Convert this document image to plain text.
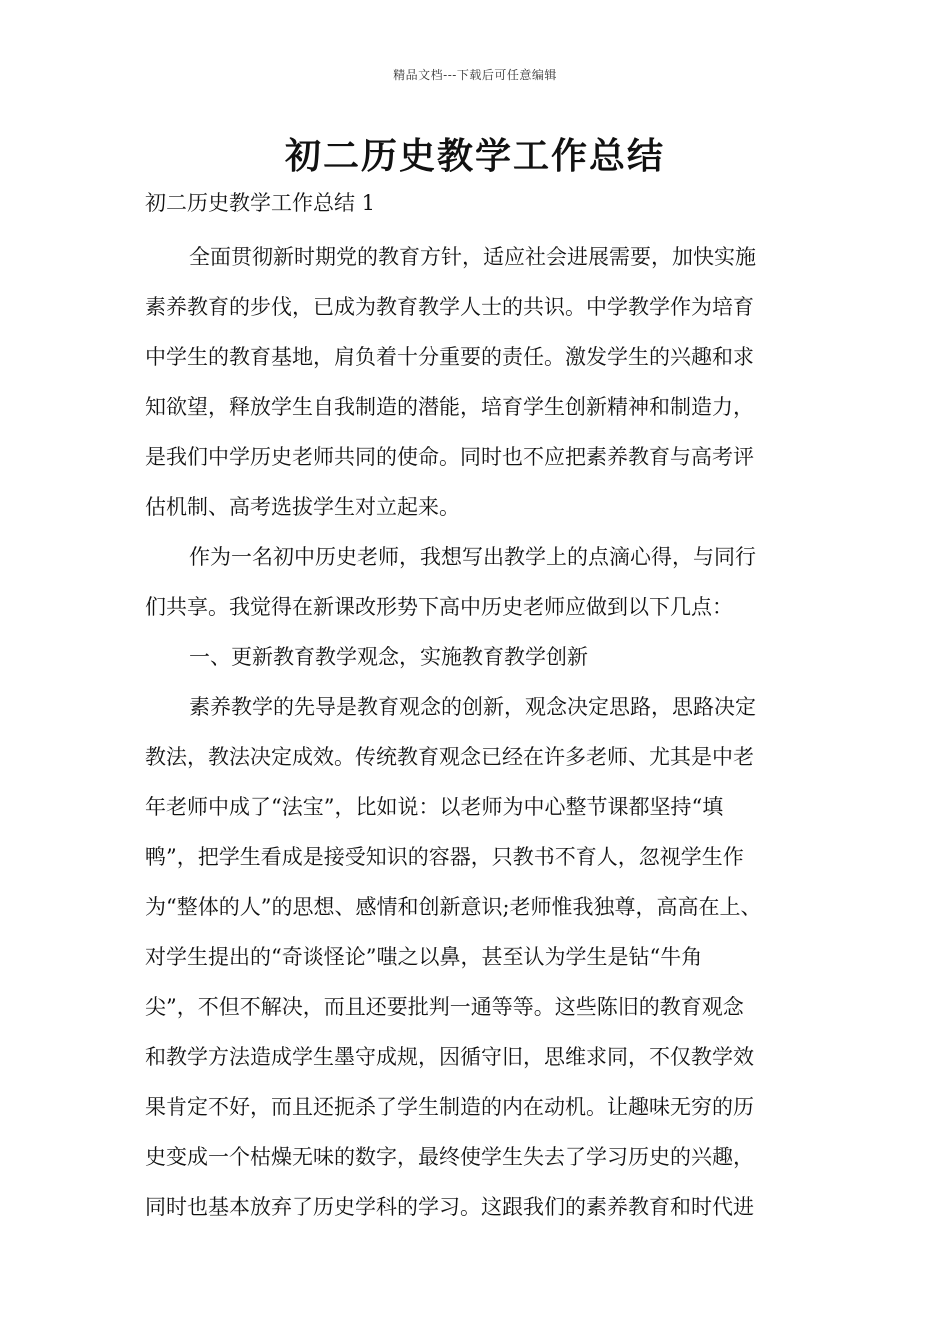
精品文档---下载后可任意编辑
初二历史教学工作总结
初二历史教学工作总结 1

全面贯彻新时期党的教育方针，适应社会进展需要，加快实施
素养教育的步伐，已成为教育教学人士的共识。中学教学作为培育
中学生的教育基地，肩负着十分重要的责任。激发学生的兴趣和求
知欲望，释放学生自我制造的潜能，培育学生创新精神和制造力，
是我们中学历史老师共同的使命。同时也不应把素养教育与高考评
估机制、高考选拔学生对立起来。

作为一名初中历史老师，我想写出教学上的点滴心得，与同行
们共享。我觉得在新课改形势下高中历史老师应做到以下几点：

一、更新教育教学观念，实施教育教学创新

素养教学的先导是教育观念的创新，观念决定思路，思路决定
教法，教法决定成效。传统教育观念已经在许多老师、尤其是中老
年老师中成了“法宝”，比如说：以老师为中心整节课都坚持“填
鸭”，把学生看成是接受知识的容器，只教书不育人，忽视学生作
为“整体的人”的思想、感情和创新意识;老师惟我独尊，高高在上、
对学生提出的“奇谈怪论”嗤之以鼻，甚至认为学生是钻“牛角
尖”，不但不解决，而且还要批判一通等等。这些陈旧的教育观念
和教学方法造成学生墨守成规，因循守旧，思维求同，不仅教学效
果肯定不好，而且还扼杀了学生制造的内在动机。让趣味无穷的历
史变成一个枯燥无味的数字，最终使学生失去了学习历史的兴趣，
同时也基本放弃了历史学科的学习。这跟我们的素养教育和时代进
